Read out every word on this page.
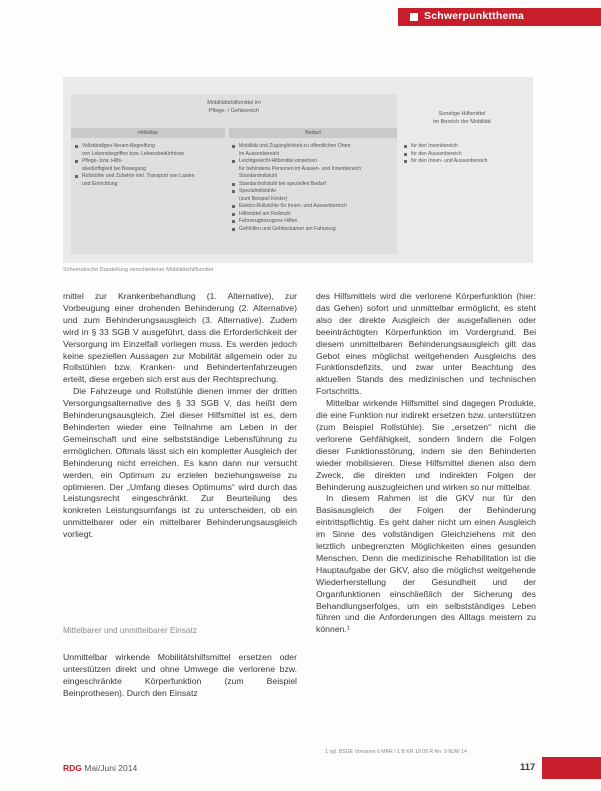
Schwerpunktthema
Mobilitätshilfsmittel im
Pflege- / Gehbereich	Sonstige Hilfsmittel
im Bereich der Mobilität
mittelbar	Bedarf
Vollständiges Neuen-Begreifung
von Lebensbegriffen bzw. Lebensbedürfnisse
Pflege- bzw. Hilfs-
sbedürftigkeit bei Bewegung
Rollstühle und Zubehör inkl. Transport von Lasten
und Einrichtung
Mobilität und Zugänglichkeit zu öffentlichen Orten
im Aussenbereich
Leichtgewicht-Hilfsmittel einsetzen
für behinderte Personen im Aussen- und Innenbereich
Standardrollstuhl
Standardrollstuhl bei speziellen Bedarf
Spezialrollstühle
(zum Beispiel Kinder)
Elektro-Rollstühle für Innen- und Aussenbereich
Hilfsmittel am Rollstuhl
Fahrzeugbezogene Hilfen
Gehhilfen und Gehbockarten am Fahrzeug
für den Innenbereich
für den Aussenbereich
für den Innen- und Aussenbereich
Schematische Darstellung verschiedener Mobilitätshilfsmittel

mittel zur Krankenbehandlung (1. Alternative), zur Vorbeugung einer drohenden Behinderung (2. Alternative) und zum Behinderungsausgleich (3. Alternative). Zudem wird in § 33 SGB V ausgeführt, dass die Erforderlichkeit der Versorgung im Einzelfall vorliegen muss. Es werden jedoch keine speziellen Aussagen zur Mobilität allgemein oder zu Rollstühlen bzw. Kranken- und Behindertenfahrzeugen erteilt, diese ergeben sich erst aus der Rechtsprechung.

Die Fahrzeuge und Rollstühle dienen immer der dritten Versorgungsalternative des § 33 SGB V, das heißt dem Behinderungsausgleich. Ziel dieser Hilfsmittel ist es, dem Behinderten wieder eine Teilnahme am Leben in der Gemeinschaft und eine selbstständige Lebensführung zu ermöglichen. Oftmals lässt sich ein kompletter Ausgleich der Behinderung nicht erreichen. Es kann dann nur versucht werden, ein Optimum zu erzielen beziehungsweise zu optimieren. Der „Umfang dieses Optimums“ wird durch das Leistungsrecht eingeschränkt. Zur Beurteilung des konkreten Leistungsumfangs ist zu unterscheiden, ob ein unmittelbarer oder ein mittelbarer Behinderungsausgleich vorliegt.

Mittelbarer und unmittelbarer Einsatz

Unmittelbar wirkende Mobilitätshilfsmittel ersetzen oder unterstützen direkt und ohne Umwege die verlorene bzw. eingeschränkte Körperfunktion (zum Beispiel Beinprothesen). Durch den Einsatz

des Hilfsmittels wird die verlorene Körperfunktion (hier: das Gehen) sofort und unmittelbar ermöglicht, es steht also der direkte Ausgleich der ausgefallenen oder beeinträchtigten Körperfunktion im Vordergrund. Bei diesem unmittelbaren Behinderungsausgleich gilt das Gebot eines möglichst weitgehenden Ausgleichs des Funktionsdefizits, und zwar unter Beachtung des aktuellen Stands des medizinischen und technischen Fortschritts.

Mittelbar wirkende Hilfsmittel sind dagegen Produkte, die eine Funktion nur indirekt ersetzen bzw. unterstützen (zum Beispiel Rollstühle). Sie „ersetzen“ nicht die verlorene Gehfähigkeit, sondern lindern die Folgen dieser Funktionsstörung, indem sie den Behinderten wieder mobilisieren. Diese Hilfsmittel dienen also dem Zweck, die direkten und indirekten Folgen der Behinderung auszugleichen und wirken so nur mittelbar.

In diesem Rahmen ist die GKV nur für den Basisausgleich der Folgen der Behinderung eintrittspflichtig. Es geht daher nicht um einen Ausgleich im Sinne des vollständigen Gleichziehens mit den letztlich unbegrenzten Möglichkeiten eines gesunden Menschen. Denn die medizinische Rehabilitation ist die Hauptaufgabe der GKV, also die möglichst weitgehende Wiederherstellung der Gesundheit und der Organfunktionen einschließlich der Sicherung des Behandlungserfolges, um ein selbstständiges Leben führen und die Anforderungen des Alltags meistern zu können.¹

1 vgl. BSGE Vorname 6 MAR / 1 B KR 19 09 R Rn. 9 NJW 14
RDG Mai/Juni 2014	117
